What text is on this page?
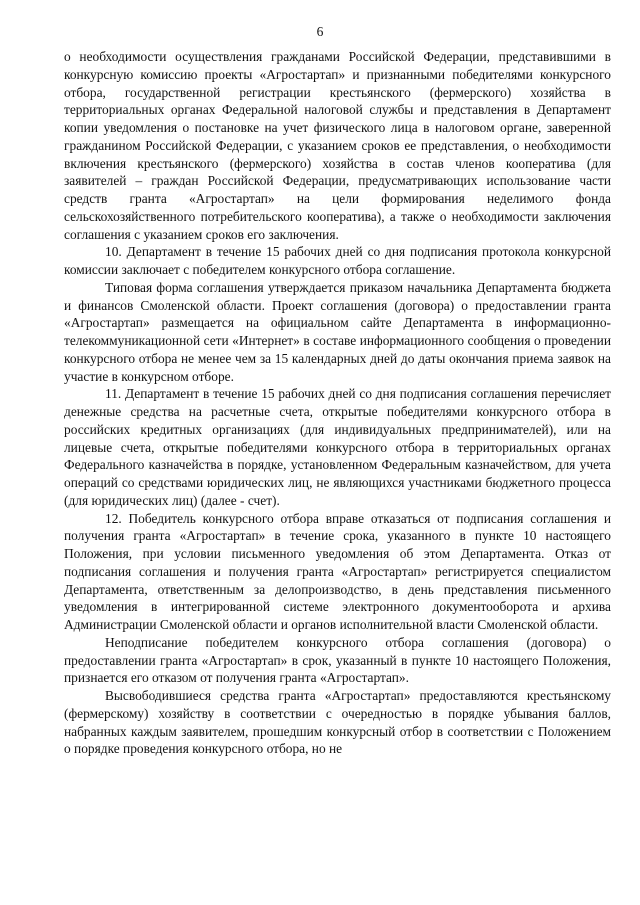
6

о необходимости осуществления гражданами Российской Федерации, представившими в конкурсную комиссию проекты «Агростартап» и признанными победителями конкурсного отбора, государственной регистрации крестьянского (фермерского) хозяйства в территориальных органах Федеральной налоговой службы и представления в Департамент копии уведомления о постановке на учет физического лица в налоговом органе, заверенной гражданином Российской Федерации, с указанием сроков ее представления, о необходимости включения крестьянского (фермерского) хозяйства в состав членов кооператива (для заявителей – граждан Российской Федерации, предусматривающих использование части средств гранта «Агростартап» на цели формирования неделимого фонда сельскохозяйственного потребительского кооператива), а также о необходимости заключения соглашения с указанием сроков его заключения.

10. Департамент в течение 15 рабочих дней со дня подписания протокола конкурсной комиссии заключает с победителем конкурсного отбора соглашение.

Типовая форма соглашения утверждается приказом начальника Департамента бюджета и финансов Смоленской области. Проект соглашения (договора) о предоставлении гранта «Агростартап» размещается на официальном сайте Департамента в информационно-телекоммуникационной сети «Интернет» в составе информационного сообщения о проведении конкурсного отбора не менее чем за 15 календарных дней до даты окончания приема заявок на участие в конкурсном отборе.

11. Департамент в течение 15 рабочих дней со дня подписания соглашения перечисляет денежные средства на расчетные счета, открытые победителями конкурсного отбора в российских кредитных организациях (для индивидуальных предпринимателей), или на лицевые счета, открытые победителями конкурсного отбора в территориальных органах Федерального казначейства в порядке, установленном Федеральным казначейством, для учета операций со средствами юридических лиц, не являющихся участниками бюджетного процесса (для юридических лиц) (далее - счет).

12. Победитель конкурсного отбора вправе отказаться от подписания соглашения и получения гранта «Агростартап» в течение срока, указанного в пункте 10 настоящего Положения, при условии письменного уведомления об этом Департамента. Отказ от подписания соглашения и получения гранта «Агростартап» регистрируется специалистом Департамента, ответственным за делопроизводство, в день представления письменного уведомления в интегрированной системе электронного документооборота и архива Администрации Смоленской области и органов исполнительной власти Смоленской области.

Неподписание победителем конкурсного отбора соглашения (договора) о предоставлении гранта «Агростартап» в срок, указанный в пункте 10 настоящего Положения, признается его отказом от получения гранта «Агростартап».

Высвободившиеся средства гранта «Агростартап» предоставляются крестьянскому (фермерскому) хозяйству в соответствии с очередностью в порядке убывания баллов, набранных каждым заявителем, прошедшим конкурсный отбор в соответствии с Положением о порядке проведения конкурсного отбора, но не
